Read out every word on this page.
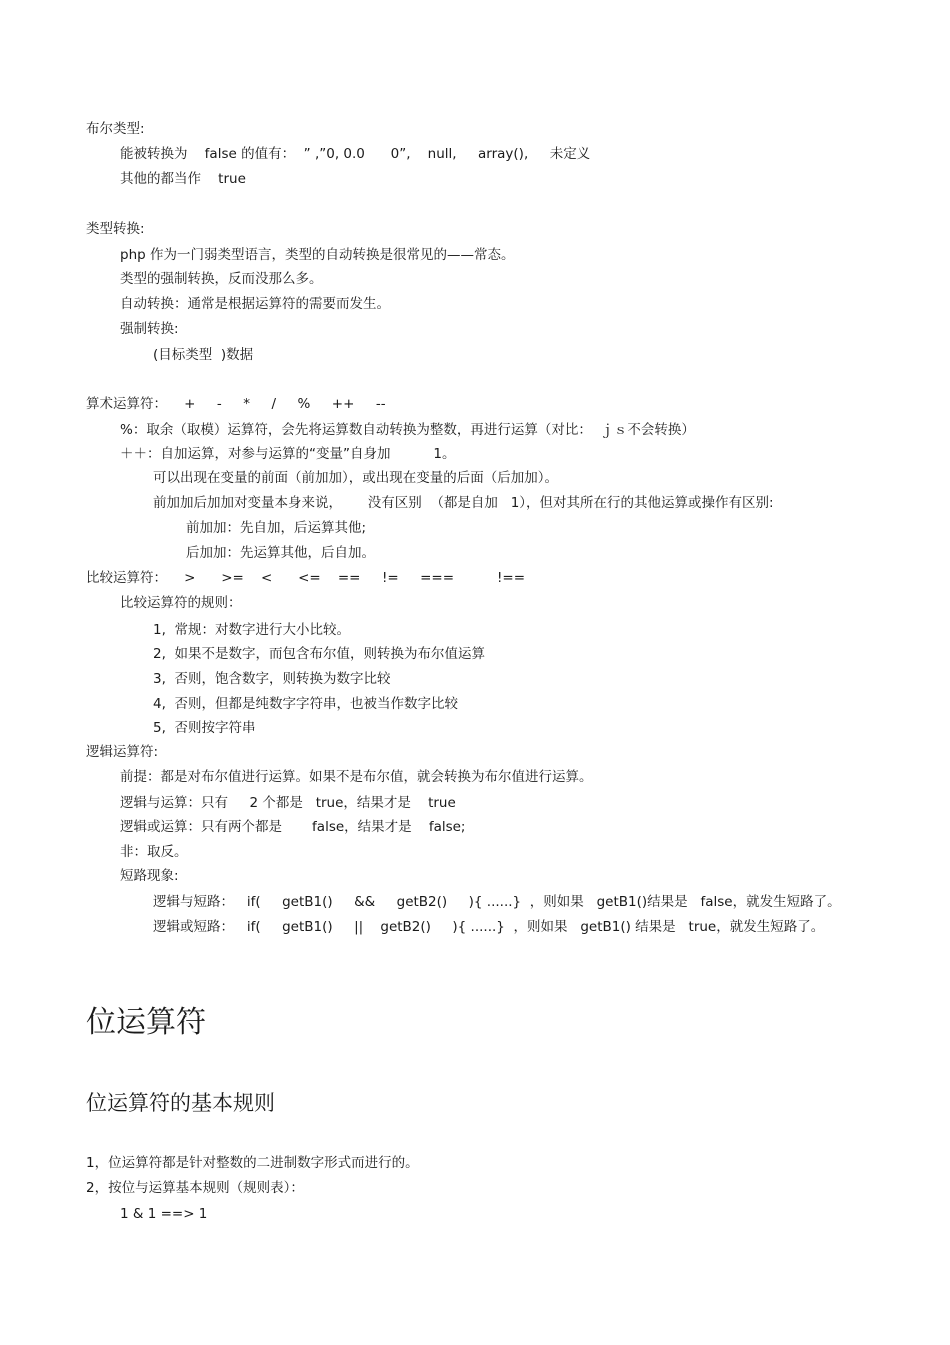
布尔类型:
能被转换为    false 的值有：  ” ,”0, 0.0      0”,    null,     array(),     未定义
其他的都当作    true
类型转换:
php 作为一门弱类型语言，类型的自动转换是很常见的——常态。
类型的强制转换，反而没那么多。
自动转换：通常是根据运算符的需要而发生。
强制转换:
(目标类型  )数据
算术运算符：    +     -     *     /     %     ++     --
%：取余（取模）运算符，会先将运算数自动转换为整数，再进行运算（对比：  ｊｓ不会转换）
＋＋：自加运算，对参与运算的“变量”自身加          1。
可以出现在变量的前面（前加加），或出现在变量的后面（后加加）。
前加加后加加对变量本身来说，      没有区别  （都是自加   1），但对其所在行的其他运算或操作有区别:
前加加：先自加，后运算其他;
后加加：先运算其他，后自加。
比较运算符：    >      >=    <      <=    ==     !=     ===          !==
比较运算符的规则：
1,  常规：对数字进行大小比较。
2,  如果不是数字，而包含布尔值，则转换为布尔值运算
3,  否则，饱含数字，则转换为数字比较
4,  否则，但都是纯数字字符串，也被当作数字比较
5,  否则按字符串
逻辑运算符:
前提：都是对布尔值进行运算。如果不是布尔值，就会转换为布尔值进行运算。
逻辑与运算：只有     2 个都是   true，结果才是    true
逻辑或运算：只有两个都是       false，结果才是    false;
非：取反。
短路现象:
逻辑与短路：   if(     getB1()     &&     getB2()     ){ ......}  ，则如果   getB1()结果是   false，就发生短路了。
逻辑或短路：   if(     getB1()     ||    getB2()     ){ ......}  ，则如果   getB1() 结果是   true，就发生短路了。
位运算符
位运算符的基本规则
1，位运算符都是针对整数的二进制数字形式而进行的。
2，按位与运算基本规则（规则表）：
1 & 1 ==> 1
